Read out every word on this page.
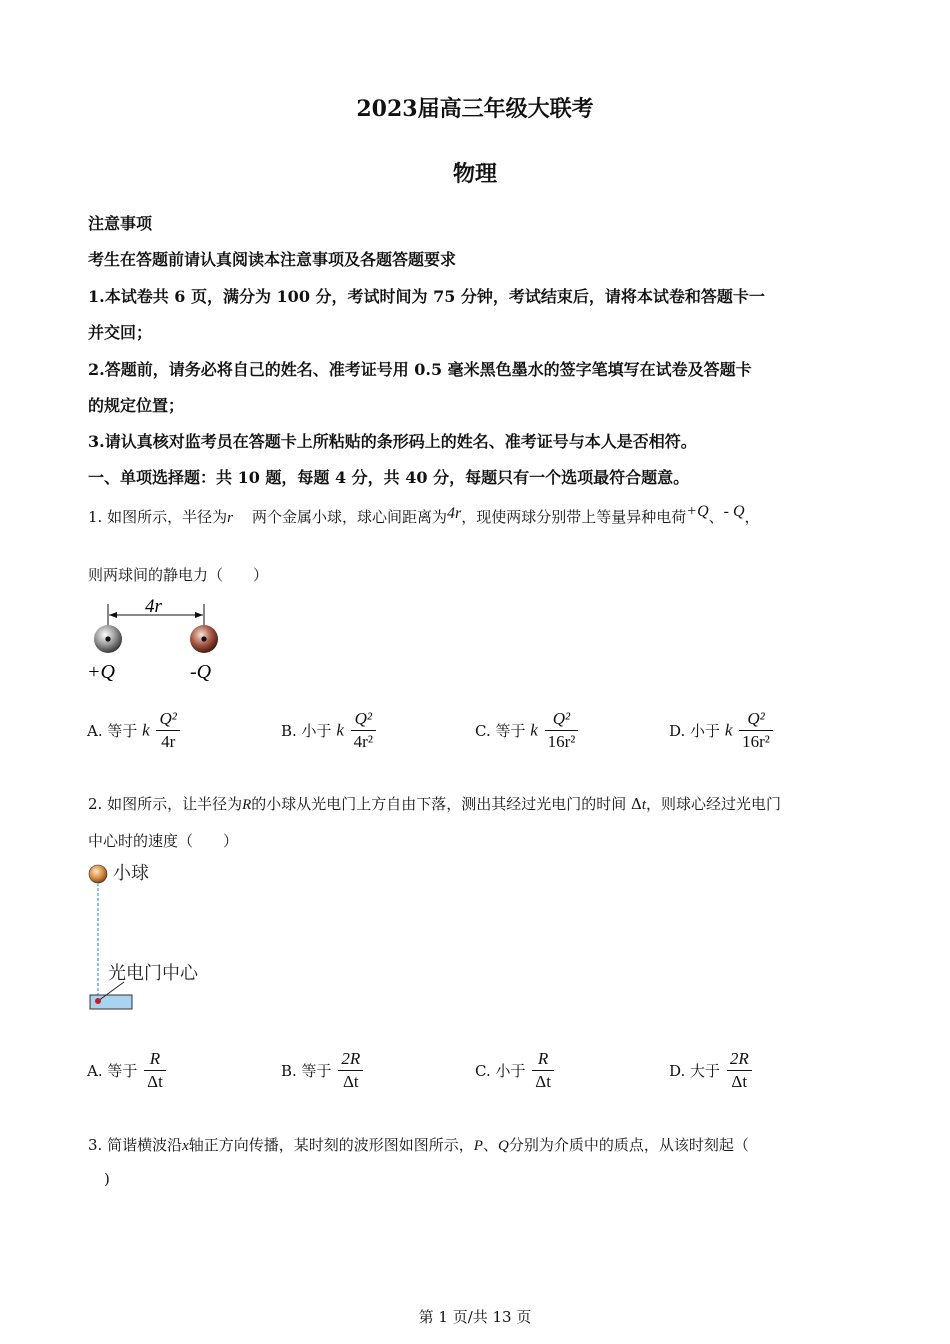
2023届高三年级大联考
物理
注意事项
考生在答题前请认真阅读本注意事项及各题答题要求
1.本试卷共 6 页，满分为 100 分，考试时间为 75 分钟，考试结束后，请将本试卷和答题卡一
并交回；
2.答题前，请务必将自己的姓名、准考证号用 0.5 毫米黑色墨水的签字笔填写在试卷及答题卡
的规定位置；
3.请认真核对监考员在答题卡上所粘贴的条形码上的姓名、准考证号与本人是否相符。
一、单项选择题：共 10 题，每题 4 分，共 40 分，每题只有一个选项最符合题意。
1. 如图所示，半径为r 两个金属小球，球心间距离为4r，现使两球分别带上等量异种电荷+Q、- Q，
则两球间的静电力（　　）
4r
+Q	-Q
A. 等于 k $\frac{\text{Q²}}{4r}$	B. 小于 k $\frac{\text{Q²}}{\text{4r²}}$	C. 等于 k $\frac{\text{Q²}}{\text{16r²}}$	D. 小于 k $\frac{\text{Q²}}{\text{16r²}}$
2. 如图所示，让半径为R的小球从光电门上方自由下落，测出其经过光电门的时间 Δt，则球心经过光电门
中心时的速度（　　）
小球
光电门中心
A. 等于 $\frac{R}{\Delta t}$	B. 等于 $\frac{2R}{\Delta t}$	C. 小于 $\frac{R}{\Delta t}$	D. 大于 $\frac{2R}{\Delta t}$
3. 简谐横波沿x轴正方向传播，某时刻的波形图如图所示，P、Q分别为介质中的质点，从该时刻起（
)
第 1 页/共 13 页
